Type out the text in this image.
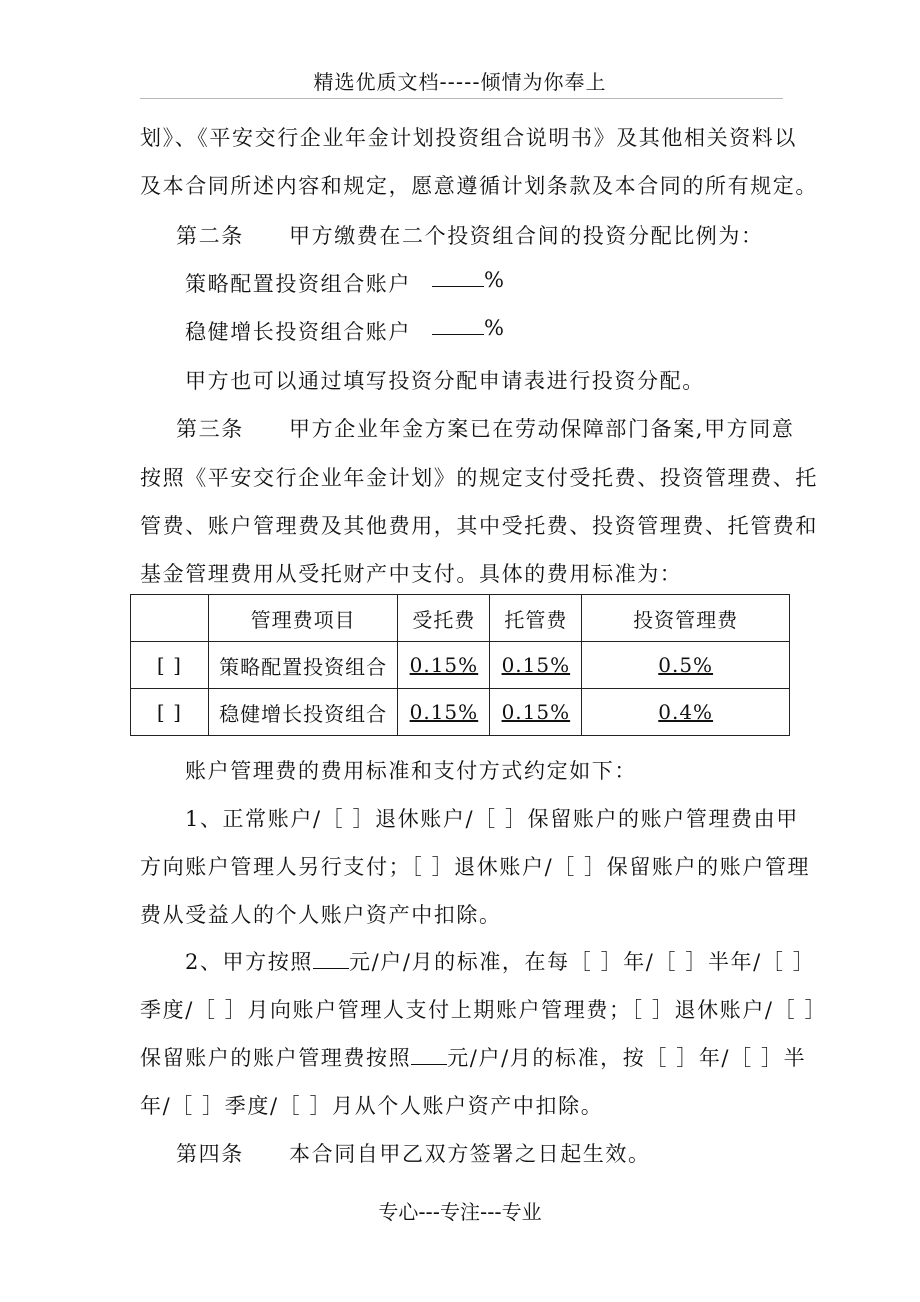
精选优质文档-----倾情为你奉上
划》、《平安交行企业年金计划投资组合说明书》及其他相关资料以
及本合同所述内容和规定，愿意遵循计划条款及本合同的所有规定。
第二条　　甲方缴费在二个投资组合间的投资分配比例为：
策略配置投资组合账户	%
稳健增长投资组合账户	%
甲方也可以通过填写投资分配申请表进行投资分配。
第三条　　甲方企业年金方案已在劳动保障部门备案,甲方同意
按照《平安交行企业年金计划》的规定支付受托费、投资管理费、托
管费、账户管理费及其他费用，其中受托费、投资管理费、托管费和
基金管理费用从受托财产中支付。具体的费用标准为：
	管理费项目	受托费	托管费	投资管理费
[ ]	策略配置投资组合	0.15%	0.15%	0.5%
[ ]	稳健增长投资组合	0.15%	0.15%	0.4%
账户管理费的费用标准和支付方式约定如下：
1、正常账户/［ ］退休账户/［ ］保留账户的账户管理费由甲
方向账户管理人另行支付；［ ］退休账户/［ ］保留账户的账户管理
费从受益人的个人账户资产中扣除。
2、甲方按照 元/户/月的标准，在每［ ］年/［ ］半年/［ ］
季度/［ ］月向账户管理人支付上期账户管理费；［ ］退休账户/［ ］
保留账户的账户管理费按照 元/户/月的标准，按［ ］年/［ ］半
年/［ ］季度/［ ］月从个人账户资产中扣除。
第四条　　本合同自甲乙双方签署之日起生效。
专心---专注---专业
